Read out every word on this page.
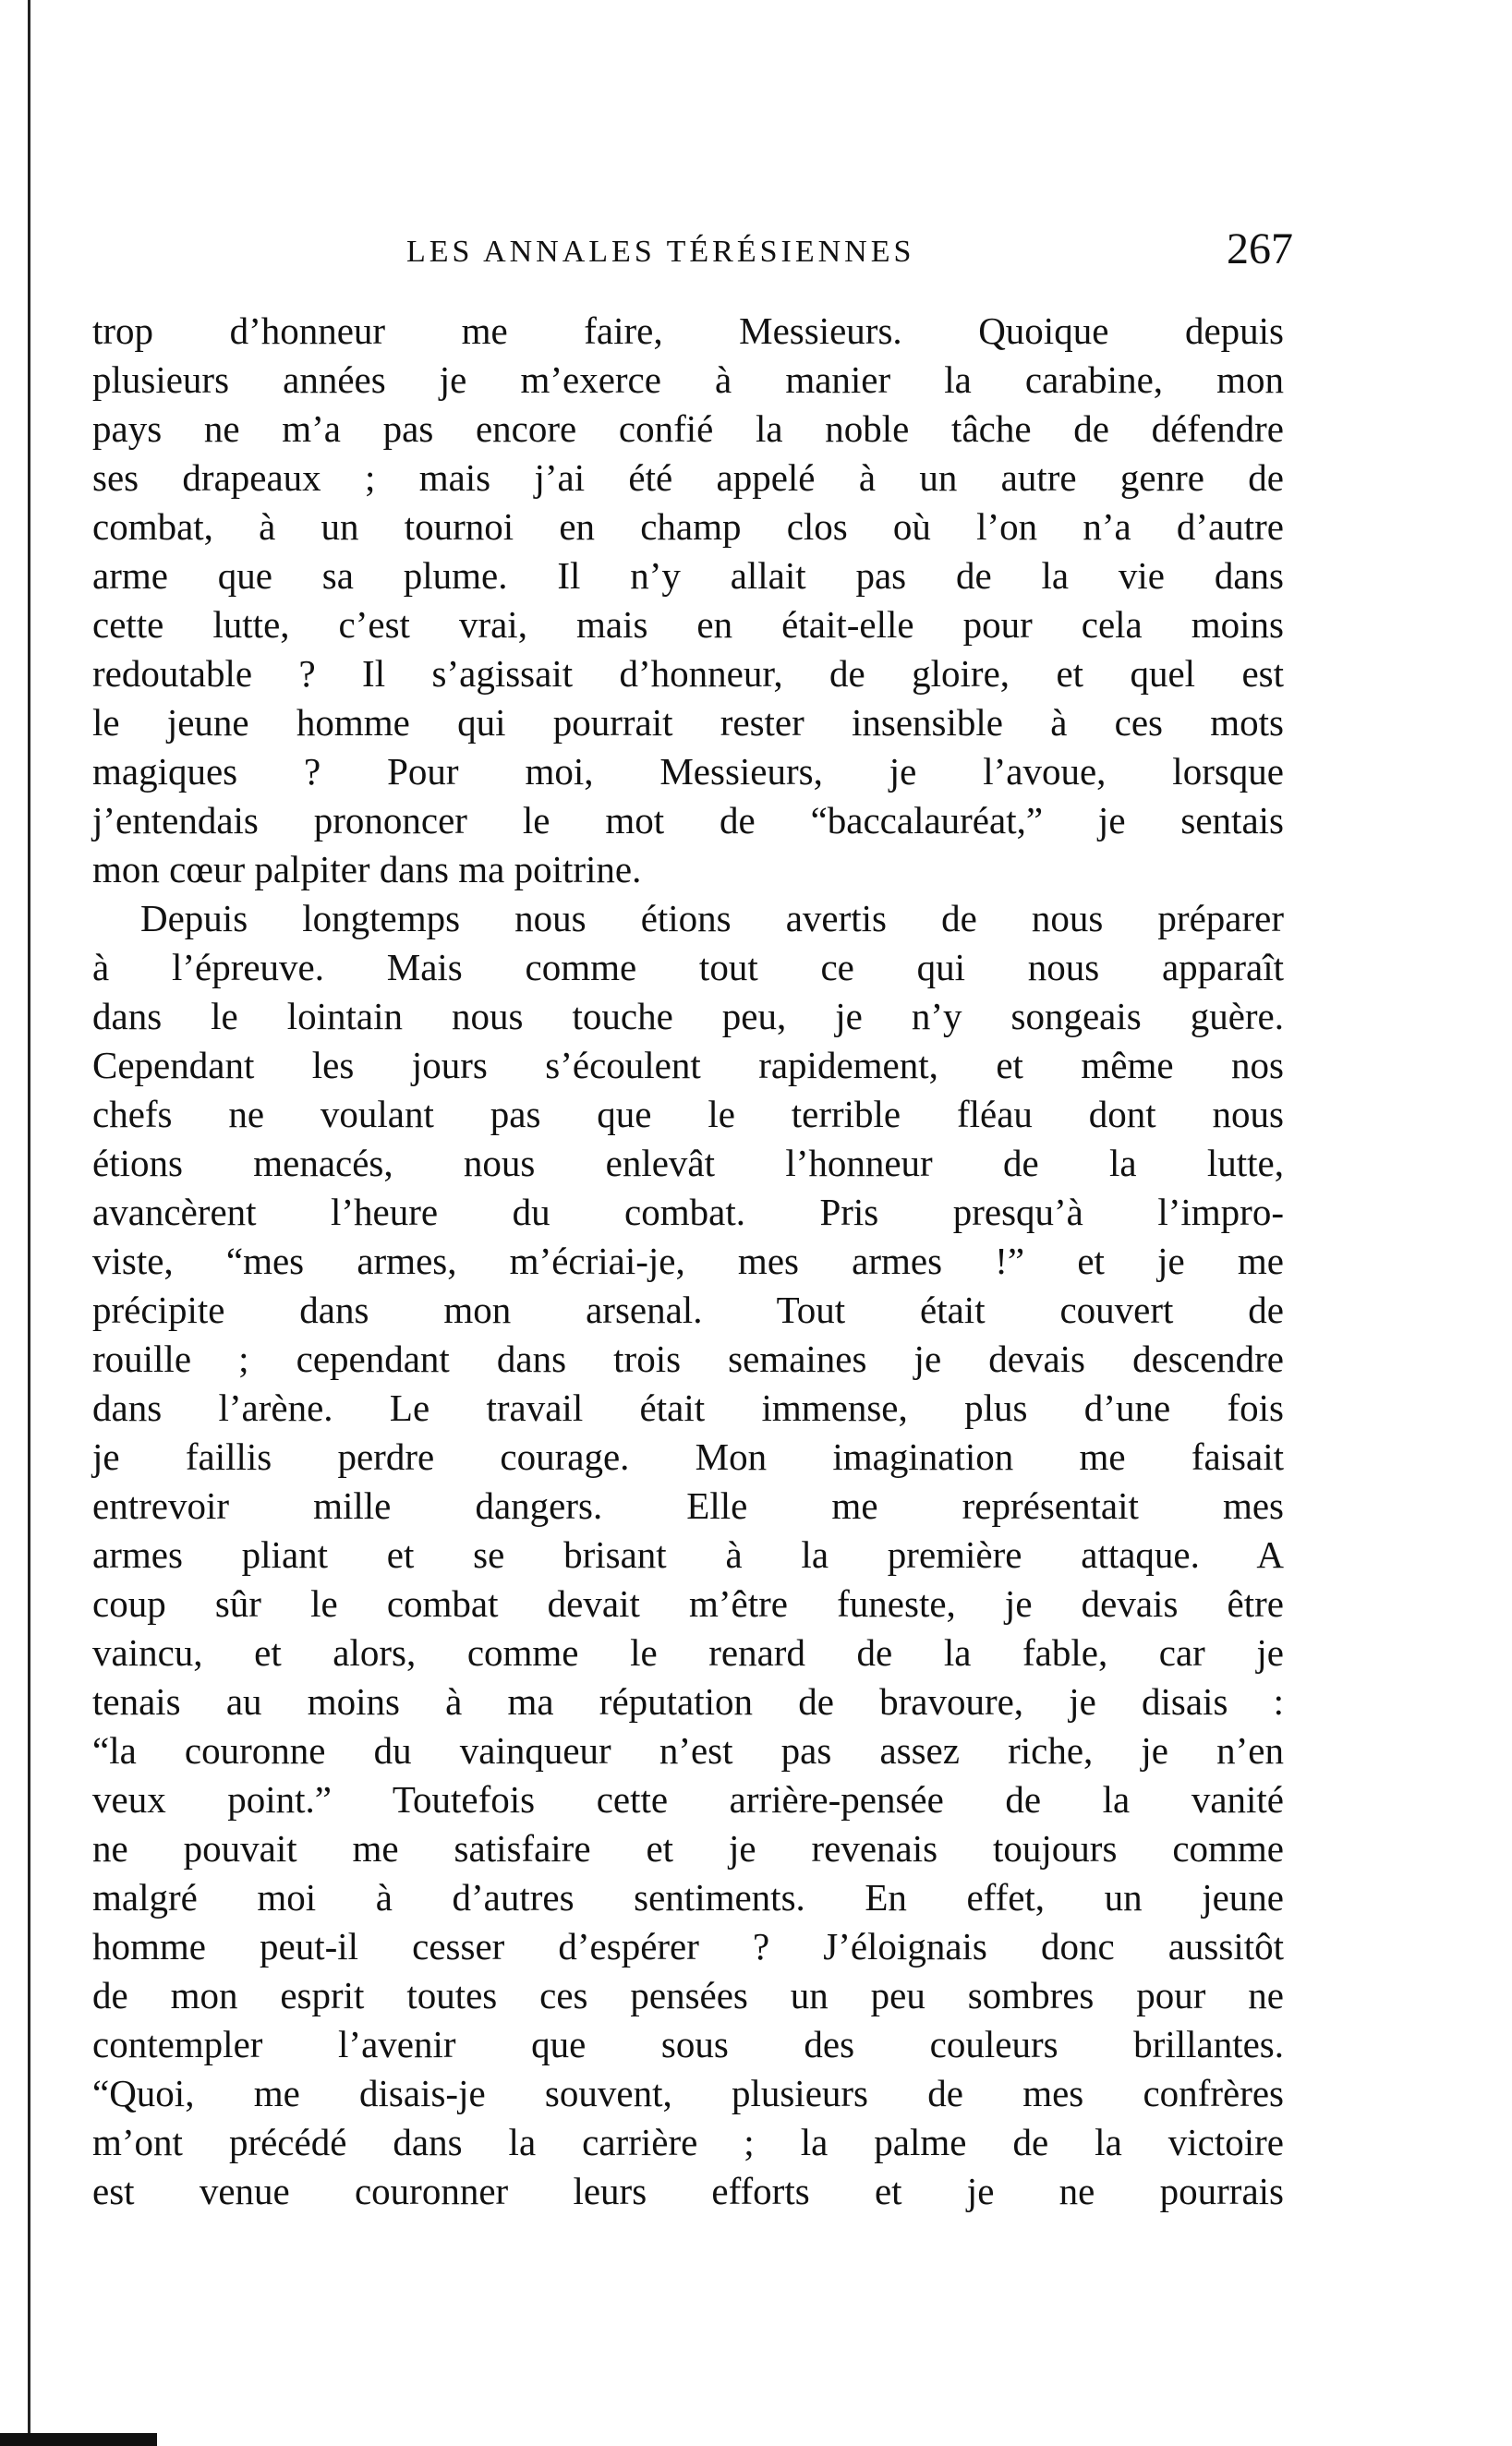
LES ANNALES TÉRÉSIENNES	267
trop d’honneur me faire, Messieurs. Quoique depuis
plusieurs années je m’exerce à manier la carabine, mon
pays ne m’a pas encore confié la noble tâche de défendre
ses drapeaux ; mais j’ai été appelé à un autre genre de
combat, à un tournoi en champ clos où l’on n’a d’autre
arme que sa plume. Il n’y allait pas de la vie dans
cette lutte, c’est vrai, mais en était-elle pour cela moins
redoutable ? Il s’agissait d’honneur, de gloire, et quel est
le jeune homme qui pourrait rester insensible à ces mots
magiques ? Pour moi, Messieurs, je l’avoue, lorsque
j’entendais prononcer le mot de “baccalauréat,” je sentais
mon cœur palpiter dans ma poitrine.
Depuis longtemps nous étions avertis de nous préparer
à l’épreuve. Mais comme tout ce qui nous apparaît
dans le lointain nous touche peu, je n’y songeais guère.
Cependant les jours s’écoulent rapidement, et même nos
chefs ne voulant pas que le terrible fléau dont nous
étions menacés, nous enlevât l’honneur de la lutte,
avancèrent l’heure du combat. Pris presqu’à l’impro-
viste, “mes armes, m’écriai-je, mes armes !” et je me
précipite dans mon arsenal. Tout était couvert de
rouille ; cependant dans trois semaines je devais descendre
dans l’arène. Le travail était immense, plus d’une fois
je faillis perdre courage. Mon imagination me faisait
entrevoir mille dangers. Elle me représentait mes
armes pliant et se brisant à la première attaque. A
coup sûr le combat devait m’être funeste, je devais être
vaincu, et alors, comme le renard de la fable, car je
tenais au moins à ma réputation de bravoure, je disais :
“la couronne du vainqueur n’est pas assez riche, je n’en
veux point.” Toutefois cette arrière-pensée de la vanité
ne pouvait me satisfaire et je revenais toujours comme
malgré moi à d’autres sentiments. En effet, un jeune
homme peut-il cesser d’espérer ? J’éloignais donc aussitôt
de mon esprit toutes ces pensées un peu sombres pour ne
contempler l’avenir que sous des couleurs brillantes.
“Quoi, me disais-je souvent, plusieurs de mes confrères
m’ont précédé dans la carrière ; la palme de la victoire
est venue couronner leurs efforts et je ne pourrais
